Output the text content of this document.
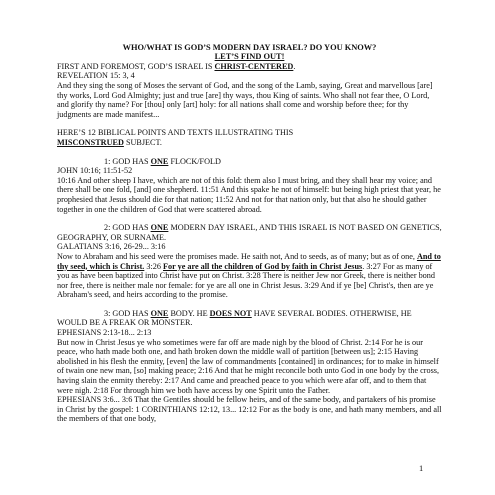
WHO/WHAT IS GOD’S MODERN DAY ISRAEL? DO YOU KNOW?

LET’S FIND OUT!

FIRST AND FOREMOST, GOD’S ISRAEL IS CHRIST-CENTERED.

REVELATION 15: 3, 4

And they sing the song of Moses the servant of God, and the song of the Lamb, saying, Great and marvellous [are] thy works, Lord God Almighty; just and true [are] thy ways, thou King of saints. Who shall not fear thee, O Lord, and glorify thy name? For [thou] only [art] holy: for all nations shall come and worship before thee; for thy judgments are made manifest...

HERE’S 12 BIBLICAL POINTS AND TEXTS ILLUSTRATING THIS

MISCONSTRUED SUBJECT.

1: GOD HAS ONE FLOCK/FOLD

JOHN 10:16; 11:51-52

10:16 And other sheep I have, which are not of this fold: them also I must bring, and they shall hear my voice; and there shall be one fold, [and] one shepherd. 11:51 And this spake he not of himself: but being high priest that year, he prophesied that Jesus should die for that nation; 11:52 And not for that nation only, but that also he should gather together in one the children of God that were scattered abroad.

2: GOD HAS ONE MODERN DAY ISRAEL, AND THIS ISRAEL IS NOT BASED ON GENETICS, GEOGRAPHY, OR SURNAME.

GALATIANS 3:16, 26-29... 3:16

Now to Abraham and his seed were the promises made. He saith not, And to seeds, as of many; but as of one, And to thy seed, which is Christ. 3:26 For ye are all the children of God by faith in Christ Jesus. 3:27 For as many of you as have been baptized into Christ have put on Christ. 3:28 There is neither Jew nor Greek, there is neither bond nor free, there is neither male nor female: for ye are all one in Christ Jesus. 3:29 And if ye [be] Christ's, then are ye Abraham's seed, and heirs according to the promise.

3: GOD HAS ONE BODY. HE DOES NOT HAVE SEVERAL BODIES. OTHERWISE, HE WOULD BE A FREAK OR MONSTER.

EPHESIANS 2:13-18... 2:13

But now in Christ Jesus ye who sometimes were far off are made nigh by the blood of Christ. 2:14 For he is our peace, who hath made both one, and hath broken down the middle wall of partition [between us]; 2:15 Having abolished in his flesh the enmity, [even] the law of commandments [contained] in ordinances; for to make in himself of twain one new man, [so] making peace; 2:16 And that he might reconcile both unto God in one body by the cross, having slain the enmity thereby: 2:17 And came and preached peace to you which were afar off, and to them that were nigh. 2:18 For through him we both have access by one Spirit unto the Father.

EPHESIANS 3:6... 3:6 That the Gentiles should be fellow heirs, and of the same body, and partakers of his promise in Christ by the gospel: 1 CORINTHIANS 12:12, 13... 12:12 For as the body is one, and hath many members, and all the members of that one body,

1
